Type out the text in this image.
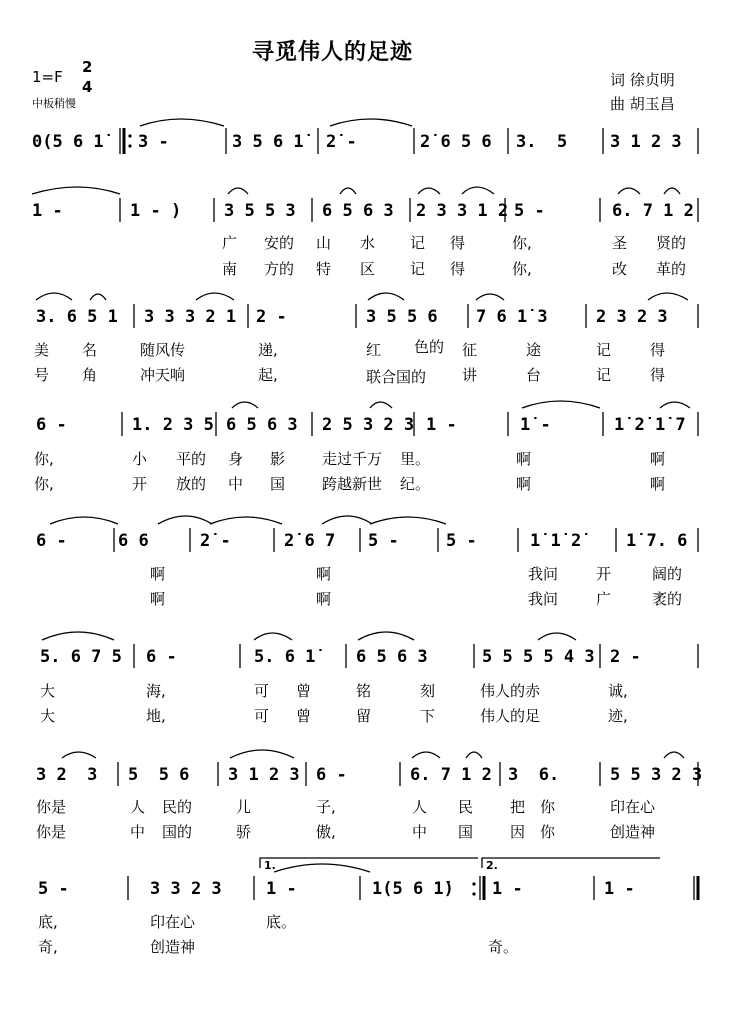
寻觅伟人的足迹
1=F
2
4
中板稍慢
词 徐贞明
曲 胡玉昌
0(5 6 1̇ 3 -	3 5 6 1̇ 2̇ -	2̇ 6 5 6 3.  5	3 1 2 3
1 -	1 - )	3 5 5 3 6 5 6 3 2 3 3 1 2 5 -	6. 7 1 2
广 安的 山 水 记 得	你,	圣 贤的
南 方的 特 区 记 得	你,	改 革的
3. 6 5 1 3 3 3 2 1 2 -	3 5 5 6 7 6 1̇ 3	2 3 2 3
美 名	随风传	递,	红 色的 征	途	记	得
号 角	冲天响	起,	联合国的 讲	台	记	得
6 -	1. 2 3 5 6 5 6 3 2 5 3 2 3 1 -	1̇ -	1̇ 2̇ 1̇ 7
你,	小 平的 身 影 走过千万 里。	啊	啊
你,	开 放的 中 国 跨越新世 纪。	啊	啊
6 -	6 6	2̇ -	2̇ 6 7 5 -	5 -	1̇ 1̇ 2̇	1̇ 7. 6
啊	啊	我问	开	阔的
啊	啊	我问	广	袤的
5. 6 7 5 6 -	5. 6 1̇ 6 5 6 3	5 5 5 5 4 3 2 -
大	海,	可 曾	铭	刻	伟人的赤	诚,
大	地,	可 曾	留	下	伟人的足	迹,
3 2  3 5  5 6 3 1 2 3 6 -	6. 7 1 2 3  6.	5 5 3 2 3
你是	人 民的	儿	子,	人 民 把 你	印在心
你是	中 国的	骄	傲,	中 国 因 你	创造神
1.	2.
5 -	3 3 2 3	1 -	1(5 6 1̇) 1 -	1 -
底,	印在心	底。
奇,	创造神	奇。
